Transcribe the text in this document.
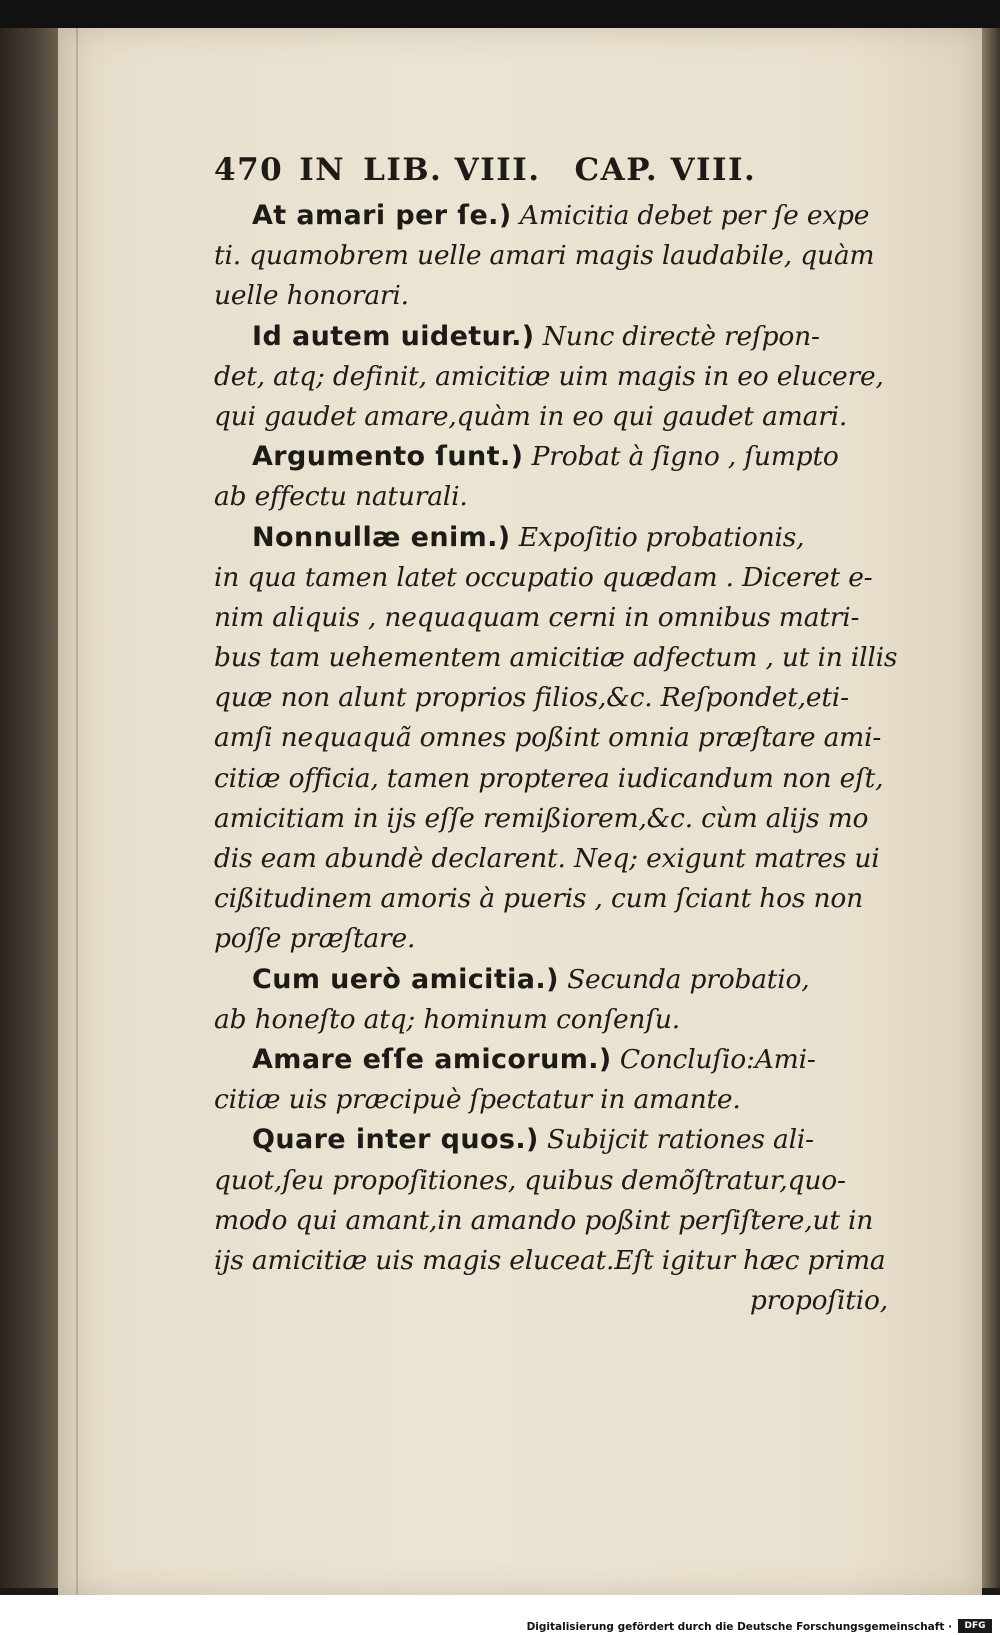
470 IN LIB. VIII. CAP. VIII.
At amari per ſe.) Amicitia debet per ſe expe
ti. quamobrem uelle amari magis laudabile, quàm
uelle honorari.
Id autem uidetur.) Nunc directè reſpon-
det, atq; definit, amicitiæ uim magis in eo elucere,
qui gaudet amare,quàm in eo qui gaudet amari.
Argumento ſunt.) Probat à ſigno , ſumpto
ab effectu naturali.
Nonnullæ enim.) Expoſitio probationis,
in qua tamen latet occupatio quædam . Diceret e-
nim aliquis , nequaquam cerni in omnibus matri-
bus tam uehementem amicitiæ adfectum , ut in illis
quæ non alunt proprios filios,&c. Reſpondet,eti-
amſi nequaquã omnes poßint omnia præſtare ami-
citiæ officia, tamen propterea iudicandum non eſt,
amicitiam in ijs eſſe remißiorem,&c. cùm alijs mo
dis eam abundè declarent. Neq; exigunt matres ui
cißitudinem amoris à pueris , cum ſciant hos non
poſſe præſtare.
Cum uerò amicitia.) Secunda probatio,
ab honeſto atq; hominum conſenſu.
Amare eſſe amicorum.) Concluſio:Ami-
citiæ uis præcipuè ſpectatur in amante.
Quare inter quos.) Subijcit rationes ali-
quot,ſeu propoſitiones, quibus demõſtratur,quo-
modo qui amant,in amando poßint perſiſtere,ut in
ijs amicitiæ uis magis eluceat.Eſt igitur hæc prima
propoſitio,
Digitalisierung gefördert durch die Deutsche Forschungsgemeinschaft ·	DFG
